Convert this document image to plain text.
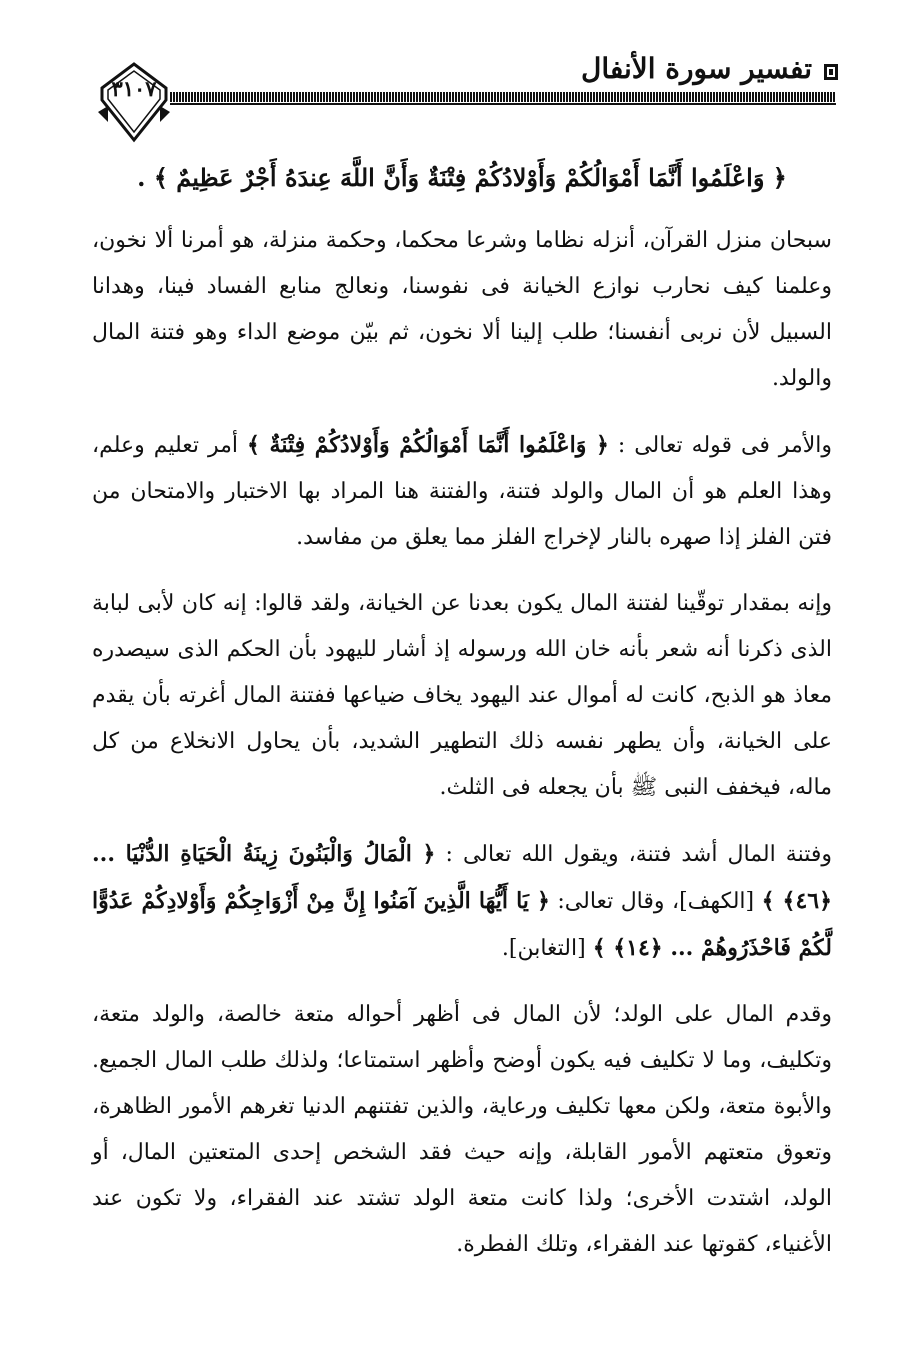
تفسير سورة الأنفال
٣١٠٧
﴿ وَاعْلَمُوا أَنَّمَا أَمْوَالُكُمْ وَأَوْلادُكُمْ فِتْنَةٌ وَأَنَّ اللَّهَ عِندَهُ أَجْرٌ عَظِيمٌ ﴾ .

سبحان منزل القرآن، أنزله نظاما وشرعا محكما، وحكمة منزلة، هو أمرنا ألا نخون، وعلمنا كيف نحارب نوازع الخيانة فى نفوسنا، ونعالج منابع الفساد فينا، وهدانا السبيل لأن نربى أنفسنا؛ طلب إلينا ألا نخون، ثم بيّن موضع الداء وهو فتنة المال والولد.

والأمر فى قوله تعالى : ﴿ وَاعْلَمُوا أَنَّمَا أَمْوَالُكُمْ وَأَوْلادُكُمْ فِتْنَةٌ ﴾ أمر تعليم وعلم، وهذا العلم هو أن المال والولد فتنة، والفتنة هنا المراد بها الاختبار والامتحان من فتن الفلز إذا صهره بالنار لإخراج الفلز مما يعلق من مفاسد.

وإنه بمقدار توقّينا لفتنة المال يكون بعدنا عن الخيانة، ولقد قالوا: إنه كان لأبى لبابة الذى ذكرنا أنه شعر بأنه خان الله ورسوله إذ أشار لليهود بأن الحكم الذى سيصدره معاذ هو الذبح، كانت له أموال عند اليهود يخاف ضياعها ففتنة المال أغرته بأن يقدم على الخيانة، وأن يطهر نفسه ذلك التطهير الشديد، بأن يحاول الانخلاع من كل ماله، فيخفف النبى ﷺ بأن يجعله فى الثلث.

وفتنة المال أشد فتنة، ويقول الله تعالى : ﴿ الْمَالُ وَالْبَنُونَ زِينَةُ الْحَيَاةِ الدُّنْيَا ... ﴿٤٦﴾ ﴾ [الكهف]، وقال تعالى: ﴿ يَا أَيُّهَا الَّذِينَ آمَنُوا إِنَّ مِنْ أَزْوَاجِكُمْ وَأَوْلادِكُمْ عَدُوًّا لَّكُمْ فَاحْذَرُوهُمْ ... ﴿١٤﴾ ﴾ [التغابن].

وقدم المال على الولد؛ لأن المال فى أظهر أحواله متعة خالصة، والولد متعة، وتكليف، وما لا تكليف فيه يكون أوضح وأظهر استمتاعا؛ ولذلك طلب المال الجميع. والأبوة متعة، ولكن معها تكليف ورعاية، والذين تفتنهم الدنيا تغرهم الأمور الظاهرة، وتعوق متعتهم الأمور القابلة، وإنه حيث فقد الشخص إحدى المتعتين المال، أو الولد، اشتدت الأخرى؛ ولذا كانت متعة الولد تشتد عند الفقراء، ولا تكون عند الأغنياء، كقوتها عند الفقراء، وتلك الفطرة.
